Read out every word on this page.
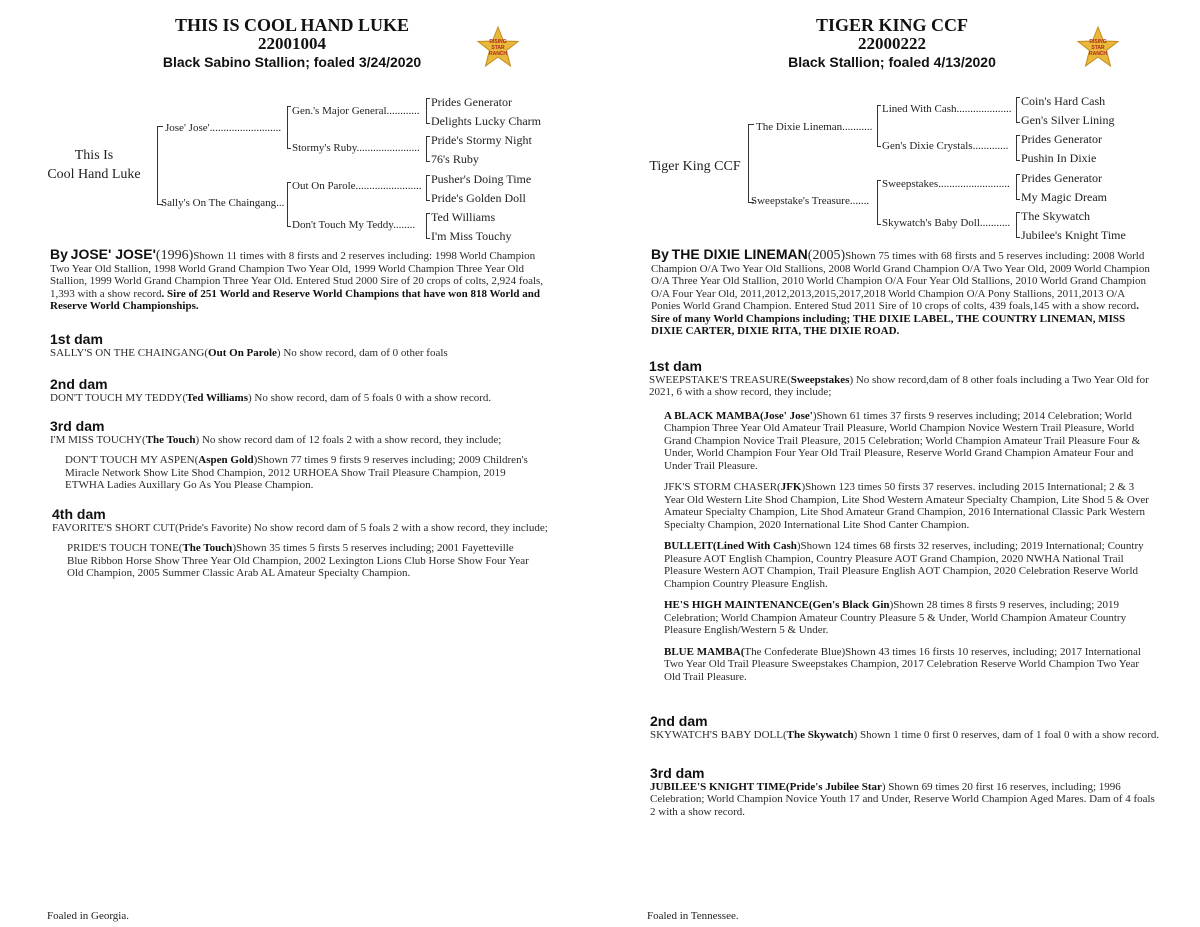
THIS IS COOL HAND LUKE
22001004
Black Sabino Stallion; foaled 3/24/2020
RISING
STAR
RANCH
This Is
Cool Hand Luke
Jose' Jose'..........................
Sally's On The Chaingang...
Gen.'s Major General............
Stormy's Ruby.......................
Out On Parole........................
Don't Touch My Teddy........
Prides Generator
Delights Lucky Charm
Pride's Stormy Night
76's Ruby
Pusher's Doing Time
Pride's Golden Doll
Ted Williams
I'm Miss Touchy
By JOSE' JOSE'(1996)Shown 11 times with 8 firsts and 2 reserves including: 1998 World Champion Two Year Old Stallion, 1998 World Grand Champion Two Year Old, 1999 World Champion Three Year Old Stallion, 1999 World Grand Champion Three Year Old. Entered Stud 2000 Sire of 20 crops of colts, 2,924 foals, 1,393 with a show record. Sire of 251 World and Reserve World Champions that have won 818 World and Reserve World Championships.
1st dam
SALLY'S ON THE CHAINGANG(Out On Parole) No show record, dam of 0 other foals
2nd dam
DON'T TOUCH MY TEDDY(Ted Williams) No show record, dam of 5 foals 0 with a show record.
3rd dam
I'M MISS TOUCHY(The Touch) No show record dam of 12 foals 2 with a show record, they include;
DON'T TOUCH MY ASPEN(Aspen Gold)Shown 77 times 9 firsts 9 reserves including; 2009 Children's Miracle Network Show Lite Shod Champion, 2012 URHOEA Show Trail Pleasure Champion, 2019 ETWHA Ladies Auxillary Go As You Please Champion.
4th dam
FAVORITE'S SHORT CUT(Pride's Favorite) No show record dam of 5 foals 2 with a show record, they include;
PRIDE'S TOUCH TONE(The Touch)Shown 35 times 5 firsts 5 reserves including; 2001 Fayetteville Blue Ribbon Horse Show Three Year Old Champion, 2002 Lexington Lions Club Horse Show Four Year Old Champion, 2005 Summer Classic Arab AL Amateur Specialty Champion.
Foaled in Georgia.
TIGER KING CCF
22000222
Black Stallion; foaled 4/13/2020
RISING
STAR
RANCH
Tiger King CCF
The Dixie Lineman...........
Sweepstake's Treasure.......
Lined With Cash....................
Gen's Dixie Crystals.............
Sweepstakes..........................
Skywatch's Baby Doll...........
Coin's Hard Cash
Gen's Silver Lining
Prides Generator
Pushin In Dixie
Prides Generator
My Magic Dream
The Skywatch
Jubilee's Knight Time
By THE DIXIE LINEMAN(2005)Shown 75 times with 68 firsts and 5 reserves including: 2008 World Champion O/A Two Year Old Stallions, 2008 World Grand Champion O/A Two Year Old, 2009 World Champion O/A Three Year Old Stallion, 2010 World Champion O/A Four Year Old Stallions, 2010 World Grand Champion O/A Four Year Old, 2011,2012,2013,2015,2017,2018 World Champion O/A Pony Stallions, 2011,2013 O/A Ponies World Grand Champion. Entered Stud 2011 Sire of 10 crops of colts, 439 foals,145 with a show record. Sire of many World Champions including; THE DIXIE LABEL, THE COUNTRY LINEMAN, MISS DIXIE CARTER, DIXIE RITA, THE DIXIE ROAD.
1st dam
SWEEPSTAKE'S TREASURE(Sweepstakes) No show record,dam of 8 other foals including a Two Year Old for 2021, 6 with a show record, they include;
A BLACK MAMBA(Jose' Jose')Shown 61 times 37 firsts 9 reserves including; 2014 Celebration; World Champion Three Year Old Amateur Trail Pleasure, World Champion Novice Western Trail Pleasure, World Grand Champion Novice Trail Pleasure, 2015 Celebration; World Champion Amateur Trail Pleasure Four & Under, World Champion Four Year Old Trail Pleasure, Reserve World Grand Champion Amateur Four and Under Trail Pleasure.
JFK'S STORM CHASER(JFK)Shown 123 times 50 firsts 37 reserves. including 2015 International; 2 & 3 Year Old Western Lite Shod Champion, Lite Shod Western Amateur Specialty Champion, Lite Shod 5 & Over Amateur Specialty Champion, Lite Shod Amateur Grand Champion, 2016 International Classic Park Western Specialty Champion, 2020 International Lite Shod Canter Champion.
BULLEIT(Lined With Cash)Shown 124 times 68 firsts 32 reserves, including; 2019 International; Country Pleasure AOT English Champion, Country Pleasure AOT Grand Champion, 2020 NWHA National Trail Pleasure Western AOT Champion, Trail Pleasure English AOT Champion, 2020 Celebration Reserve World Champion Country Pleasure English.
HE'S HIGH MAINTENANCE(Gen's Black Gin)Shown 28 times 8 firsts 9 reserves, including; 2019 Celebration; World Champion Amateur Country Pleasure 5 & Under, World Champion Amateur Country Pleasure English/Western 5 & Under.
BLUE MAMBA(The Confederate Blue)Shown 43 times 16 firsts 10 reserves, including; 2017 International Two Year Old Trail Pleasure Sweepstakes Champion, 2017 Celebration Reserve World Champion Two Year Old Trail Pleasure.
2nd dam
SKYWATCH'S BABY DOLL(The Skywatch) Shown 1 time 0 first 0 reserves, dam of 1 foal 0 with a show record.
3rd dam
JUBILEE'S KNIGHT TIME(Pride's Jubilee Star) Shown 69 times 20 first 16 reserves, including; 1996 Celebration; World Champion Novice Youth 17 and Under, Reserve World Champion Aged Mares. Dam of 4 foals 2 with a show record.
Foaled in Tennessee.
